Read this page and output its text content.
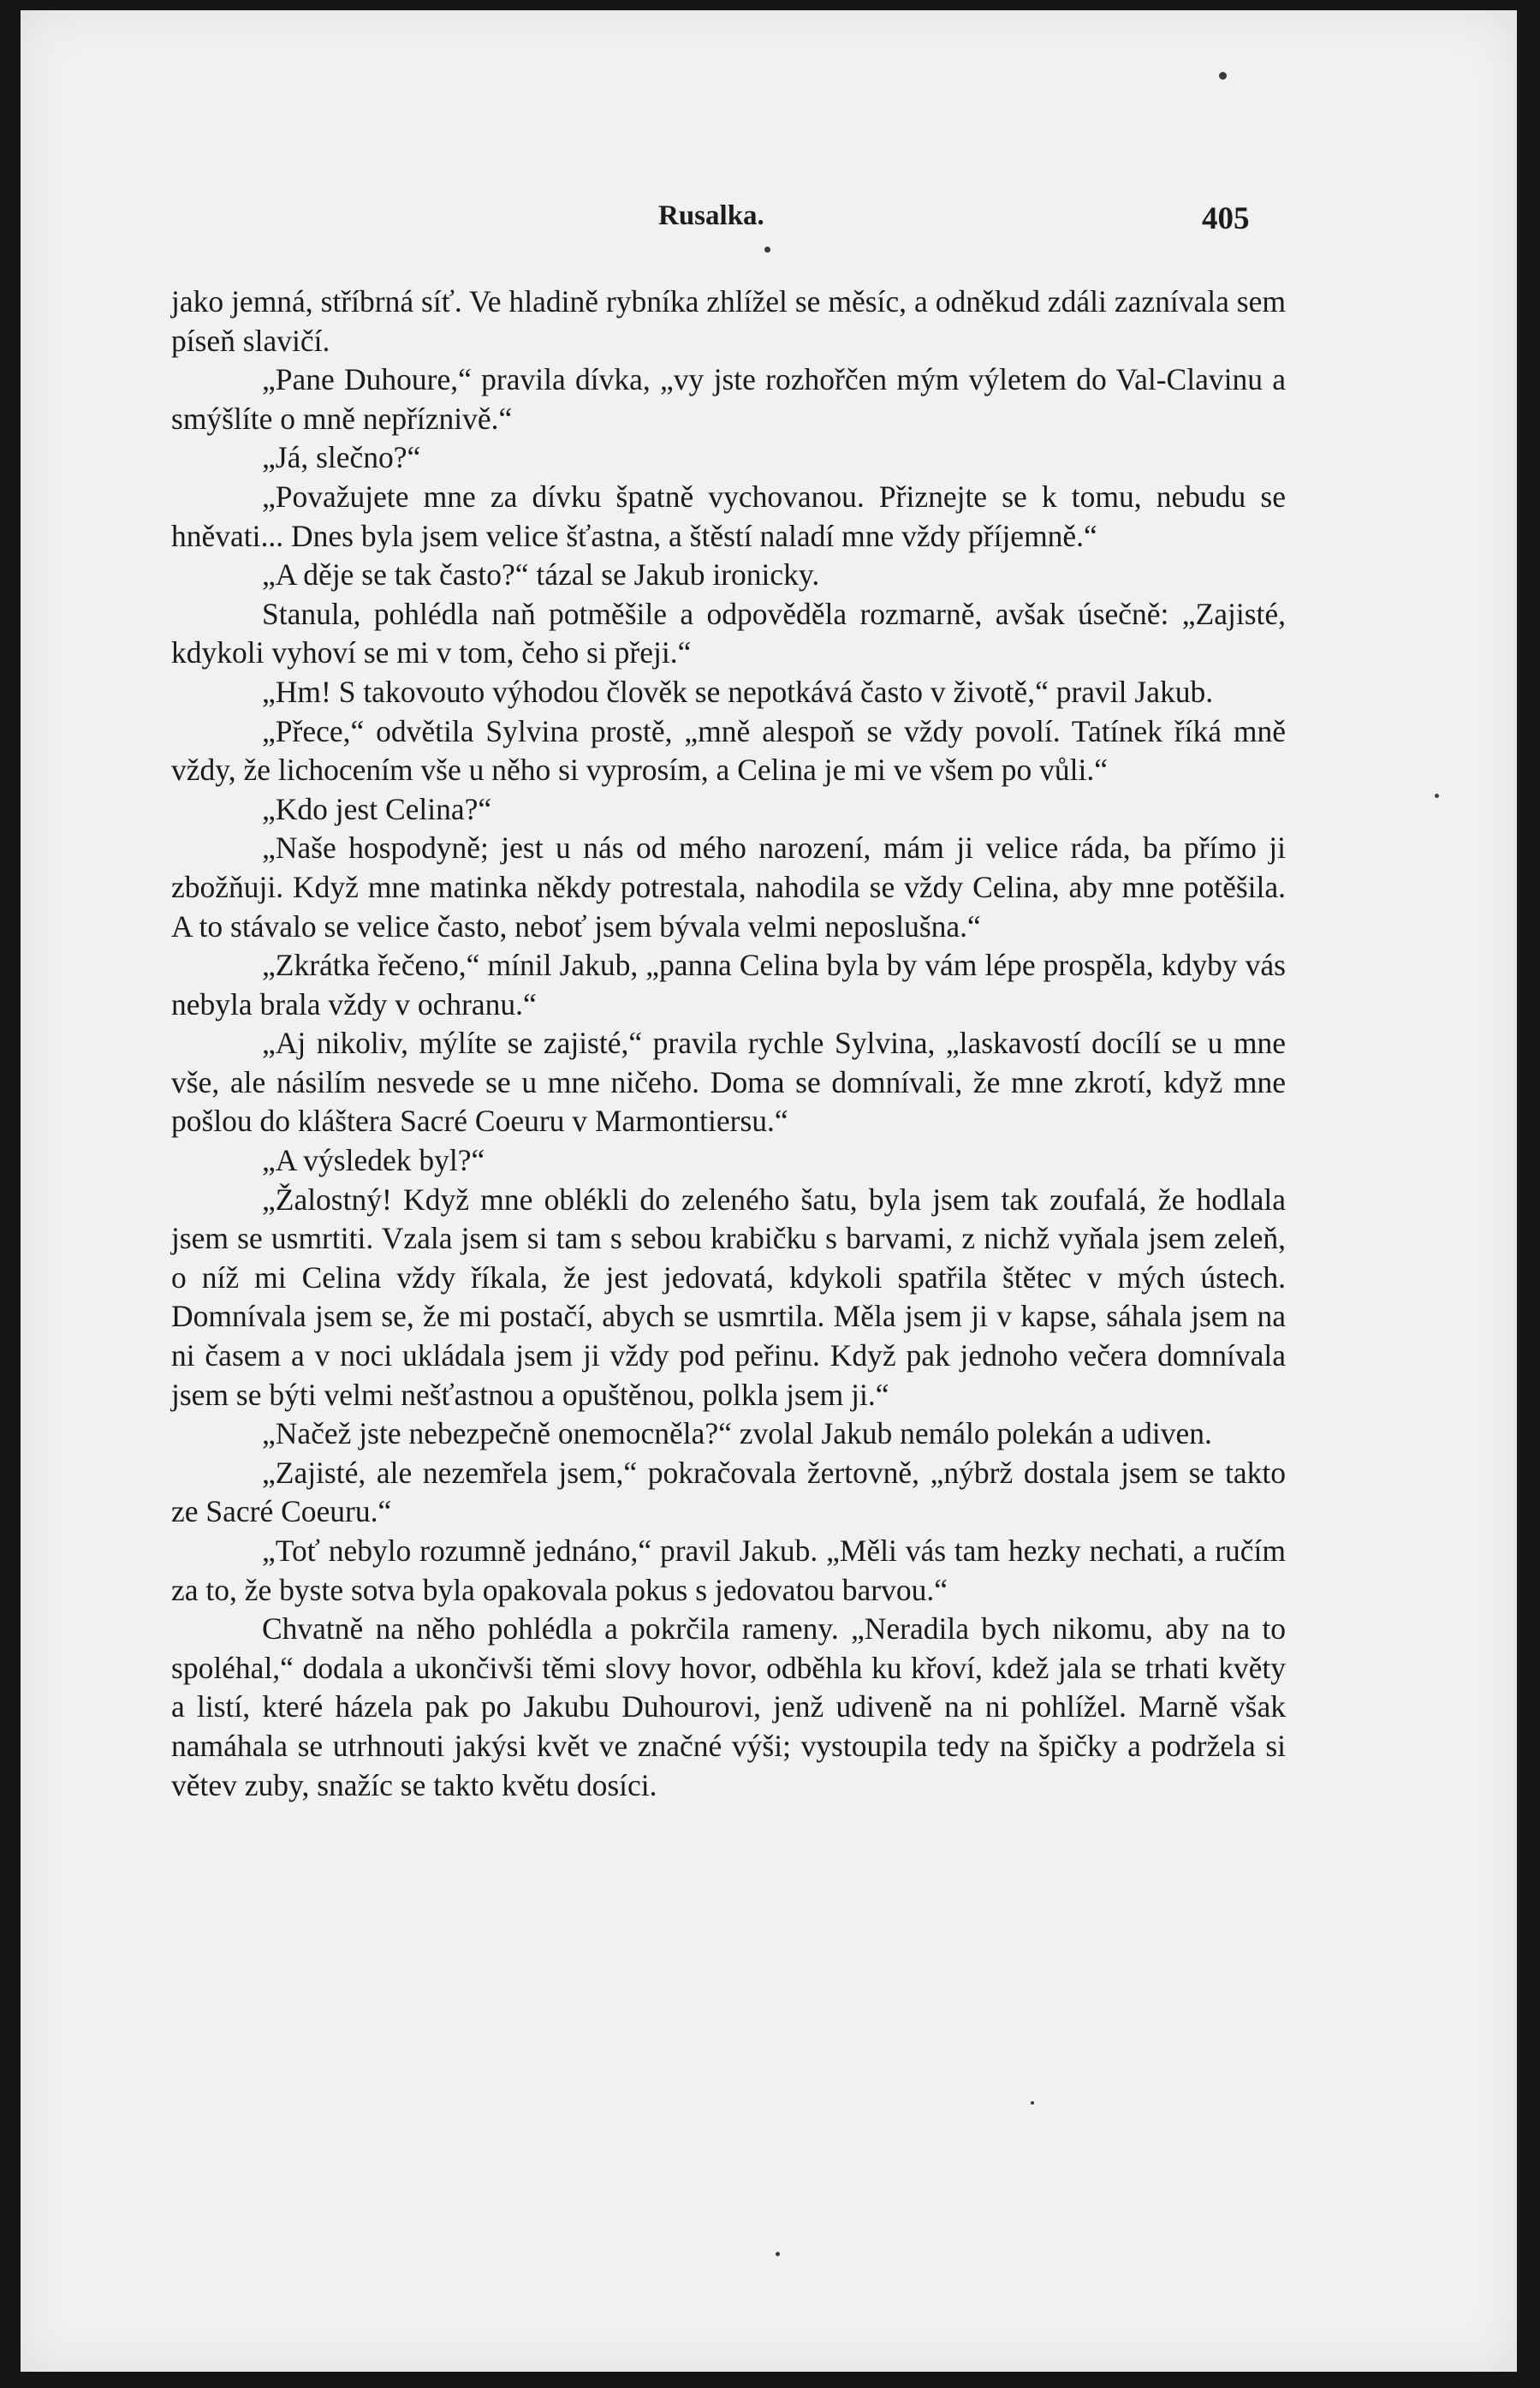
Rusalka.	405

jako jemná, stříbrná síť. Ve hladině rybníka zhlížel se měsíc, a odněkud zdáli zaznívala sem píseň slavičí.

„Pane Duhoure,“ pravila dívka, „vy jste rozhořčen mým výletem do Val-Clavinu a smýšlíte o mně nepříznivě.“

„Já, slečno?“

„Považujete mne za dívku špatně vychovanou. Přiznejte se k tomu, nebudu se hněvati... Dnes byla jsem velice šťastna, a štěstí naladí mne vždy příjemně.“

„A děje se tak často?“ tázal se Jakub ironicky.

Stanula, pohlédla naň potměšile a odpověděla rozmarně, avšak úsečně: „Zajisté, kdykoli vyhoví se mi v tom, čeho si přeji.“

„Hm! S takovouto výhodou člověk se nepotkává často v životě,“ pravil Jakub.

„Přece,“ odvětila Sylvina prostě, „mně alespoň se vždy povolí. Tatínek říká mně vždy, že lichocením vše u něho si vyprosím, a Celina je mi ve všem po vůli.“

„Kdo jest Celina?“

„Naše hospodyně; jest u nás od mého narození, mám ji velice ráda, ba přímo ji zbožňuji. Když mne matinka někdy potrestala, nahodila se vždy Celina, aby mne potěšila. A to stávalo se velice často, neboť jsem bývala velmi neposlušna.“

„Zkrátka řečeno,“ mínil Jakub, „panna Celina byla by vám lépe prospěla, kdyby vás nebyla brala vždy v ochranu.“

„Aj nikoliv, mýlíte se zajisté,“ pravila rychle Sylvina, „laskavostí docílí se u mne vše, ale násilím nesvede se u mne ničeho. Doma se domnívali, že mne zkrotí, když mne pošlou do kláštera Sacré Coeuru v Marmontiersu.“

„A výsledek byl?“

„Žalostný! Když mne oblékli do zeleného šatu, byla jsem tak zoufalá, že hodlala jsem se usmrtiti. Vzala jsem si tam s sebou krabičku s barvami, z nichž vyňala jsem zeleň, o níž mi Celina vždy říkala, že jest jedovatá, kdykoli spatřila štětec v mých ústech. Domnívala jsem se, že mi postačí, abych se usmrtila. Měla jsem ji v kapse, sáhala jsem na ni časem a v noci ukládala jsem ji vždy pod peřinu. Když pak jednoho večera domnívala jsem se býti velmi nešťastnou a opuštěnou, polkla jsem ji.“

„Načež jste nebezpečně onemocněla?“ zvolal Jakub nemálo polekán a udiven.

„Zajisté, ale nezemřela jsem,“ pokračovala žertovně, „nýbrž dostala jsem se takto ze Sacré Coeuru.“

„Toť nebylo rozumně jednáno,“ pravil Jakub. „Měli vás tam hezky nechati, a ručím za to, že byste sotva byla opakovala pokus s jedovatou barvou.“

Chvatně na něho pohlédla a pokrčila rameny. „Neradila bych nikomu, aby na to spoléhal,“ dodala a ukončivši těmi slovy hovor, odběhla ku křoví, kdež jala se trhati květy a listí, které házela pak po Jakubu Duhourovi, jenž udiveně na ni pohlížel. Marně však namáhala se utrhnouti jakýsi květ ve značné výši; vystoupila tedy na špičky a podržela si větev zuby, snažíc se takto květu dosíci.
